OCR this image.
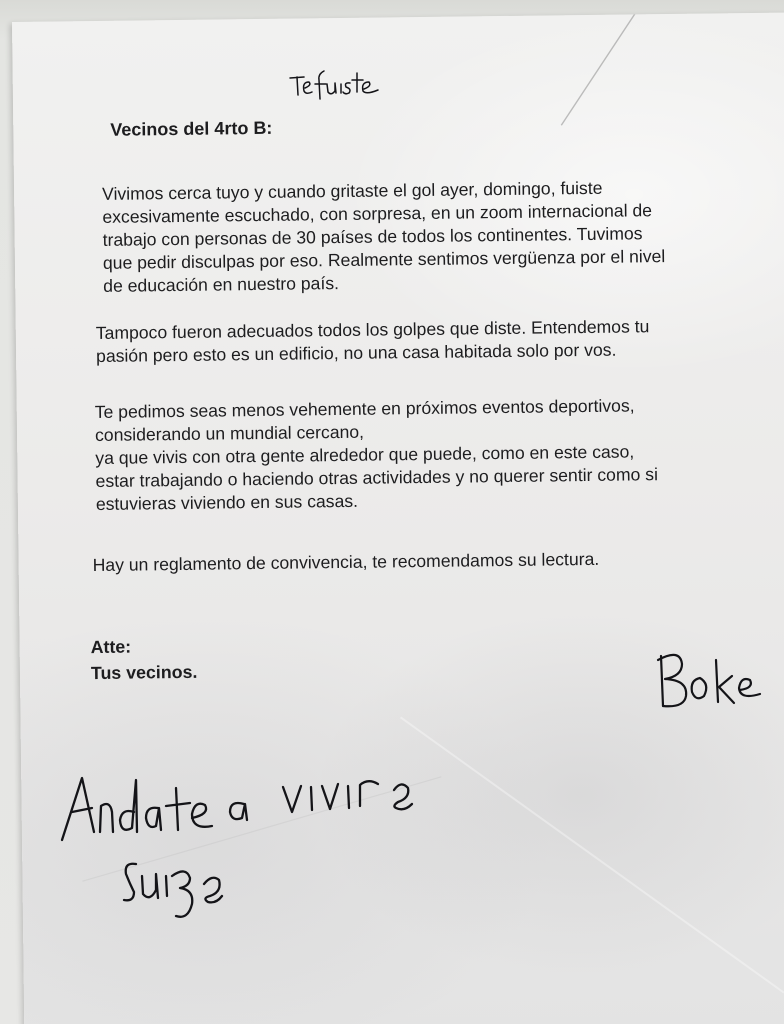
Vecinos del 4rto B:
Vivimos cerca tuyo y cuando gritaste el gol ayer, domingo, fuiste
excesivamente escuchado, con sorpresa, en un zoom internacional de
trabajo con personas de 30 países de todos los continentes. Tuvimos
que pedir disculpas por eso. Realmente sentimos vergüenza por el nivel
de educación en nuestro país.
Tampoco fueron adecuados todos los golpes que diste. Entendemos tu
pasión pero esto es un edificio, no una casa habitada solo por vos.
Te pedimos seas menos vehemente en próximos eventos deportivos,
considerando un mundial cercano,
ya que vivis con otra gente alrededor que puede, como en este caso,
estar trabajando o haciendo otras actividades y no querer sentir como si
estuvieras viviendo en sus casas.
Hay un reglamento de convivencia, te recomendamos su lectura.
Atte:
Tus vecinos.
